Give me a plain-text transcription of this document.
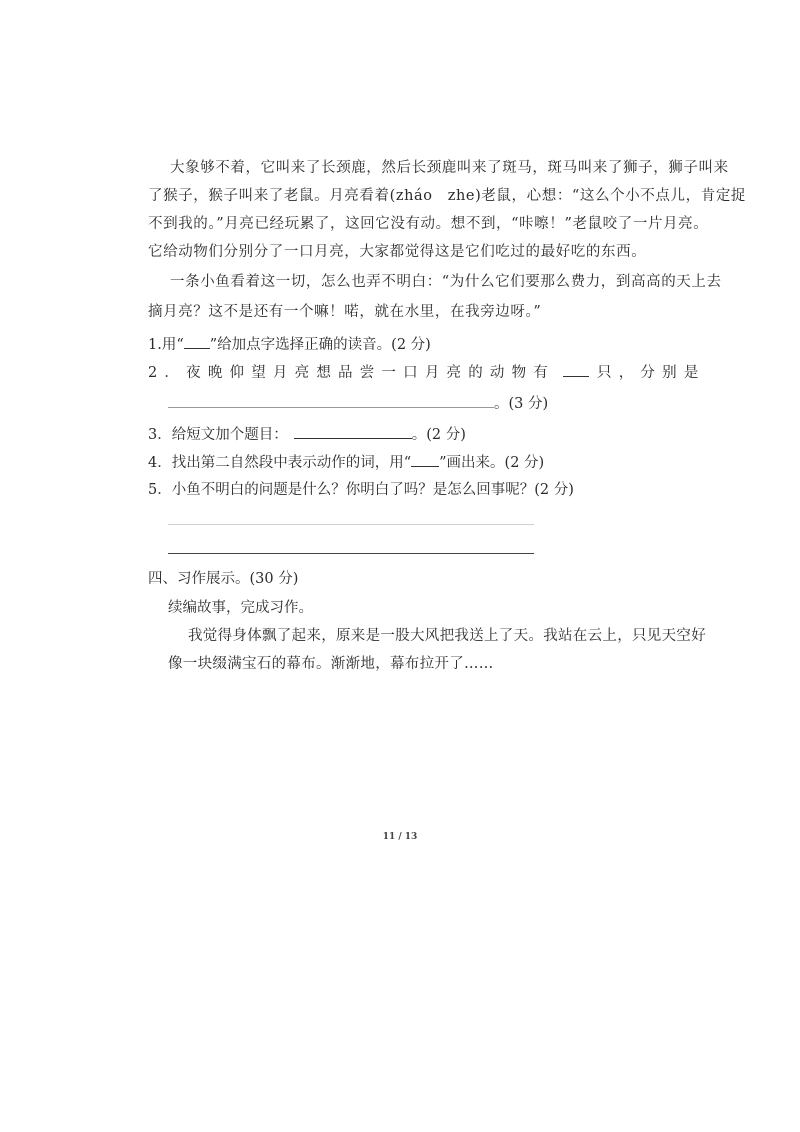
大象够不着，它叫来了长颈鹿，然后长颈鹿叫来了斑马，斑马叫来了狮子，狮子叫来
了猴子，猴子叫来了老鼠。月亮看着(zháo　zhe)老鼠，心想：“这么个小不点儿，肯定捉
不到我的。”月亮已经玩累了，这回它没有动。想不到，“咔嚓！”老鼠咬了一片月亮。
它给动物们分别分了一口月亮，大家都觉得这是它们吃过的最好吃的东西。
一条小鱼看着这一切，怎么也弄不明白：“为什么它们要那么费力，到高高的天上去
摘月亮？这不是还有一个嘛！喏，就在水里，在我旁边呀。”
1.用“ ”给加点字选择正确的读音。(2 分)
2．夜晚仰望月亮想品尝一口月亮的动物有	只，分别是
。(3 分)
3．给短文加个题目：	。(2 分)
4．找出第二自然段中表示动作的词，用“ ”画出来。(2 分)
5．小鱼不明白的问题是什么？你明白了吗？是怎么回事呢？(2 分)
四、习作展示。(30 分)
续编故事，完成习作。
我觉得身体飘了起来，原来是一股大风把我送上了天。我站在云上，只见天空好
像一块缀满宝石的幕布。渐渐地，幕布拉开了……
11 / 13
